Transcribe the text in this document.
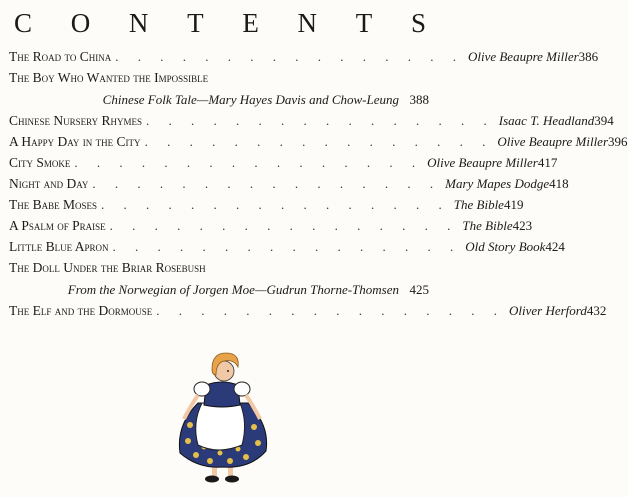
C O N T E N T S
The Road to China . . . . . . . . . . . . . . . . Olive Beaupre Miller 386
The Boy Who Wanted the Impossible
Chinese Folk Tale—Mary Hayes Davis and Chow-Leung 388
Chinese Nursery Rhymes . . . . . . . . . . . . . . . . Isaac T. Headland 394
A Happy Day in the City . . . . . . . . . . . . . . . . Olive Beaupre Miller 396
City Smoke . . . . . . . . . . . . . . . . Olive Beaupre Miller 417
Night and Day . . . . . . . . . . . . . . . . Mary Mapes Dodge 418
The Babe Moses . . . . . . . . . . . . . . . . The Bible 419
A Psalm of Praise . . . . . . . . . . . . . . . . The Bible 423
Little Blue Apron . . . . . . . . . . . . . . . . Old Story Book 424
The Doll Under the Briar Rosebush
From the Norwegian of Jorgen Moe—Gudrun Thorne-Thomsen 425
The Elf and the Dormouse . . . . . . . . . . . . . . . . Oliver Herford 432
